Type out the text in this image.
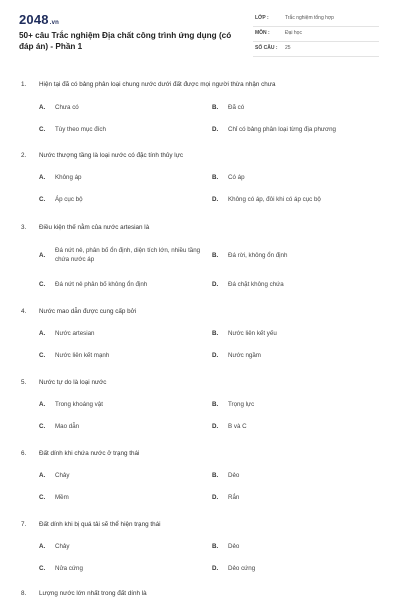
2048.vn
50+ câu Trắc nghiệm Địa chất công trình ứng dụng (có đáp án) - Phần 1
LỚP :	Trắc nghiệm tổng hợp
MÔN :	Đại học
SỐ CÂU : 25
1. Hiện tại đã có bảng phân loại chung nước dưới đất được mọi người thừa nhận chưa
A. Chưa có	B. Đã có
C. Tùy theo mục đích	D. Chỉ có bảng phân loại từng địa phương
2. Nước thượng tầng là loại nước có đặc tính thủy lực
A. Không áp	B. Có áp
C. Áp cục bộ	D. Không có áp, đôi khi có áp cục bộ
3. Điều kiện thế nằm của nước artesian là
A.
Đá nứt nẻ, phân bố ổn định, diện tích lớn, nhiều tầng chứa nước áp	B. Đá rời, không ổn định
C. Đá nứt nẻ phân bố không ổn định	D. Đá chặt không chứa
4. Nước mao dẫn được cung cấp bởi
A. Nước artesian	B. Nước liên kết yếu
C. Nước liên kết mạnh	D. Nước ngầm
5. Nước tự do là loại nước
A. Trong khoáng vật	B. Trọng lực
C. Mao dẫn	D. B và C
6. Đất dính khi chứa nước ở trạng thái
A. Chảy	B. Dẻo
C. Mềm	D. Rắn
7. Đất dính khi bị quá tải sẽ thể hiện trạng thái
A. Chảy	B. Dẻo
C. Nửa cứng	D. Dẻo cứng
8. Lượng nước lớn nhất trong đất dính là
